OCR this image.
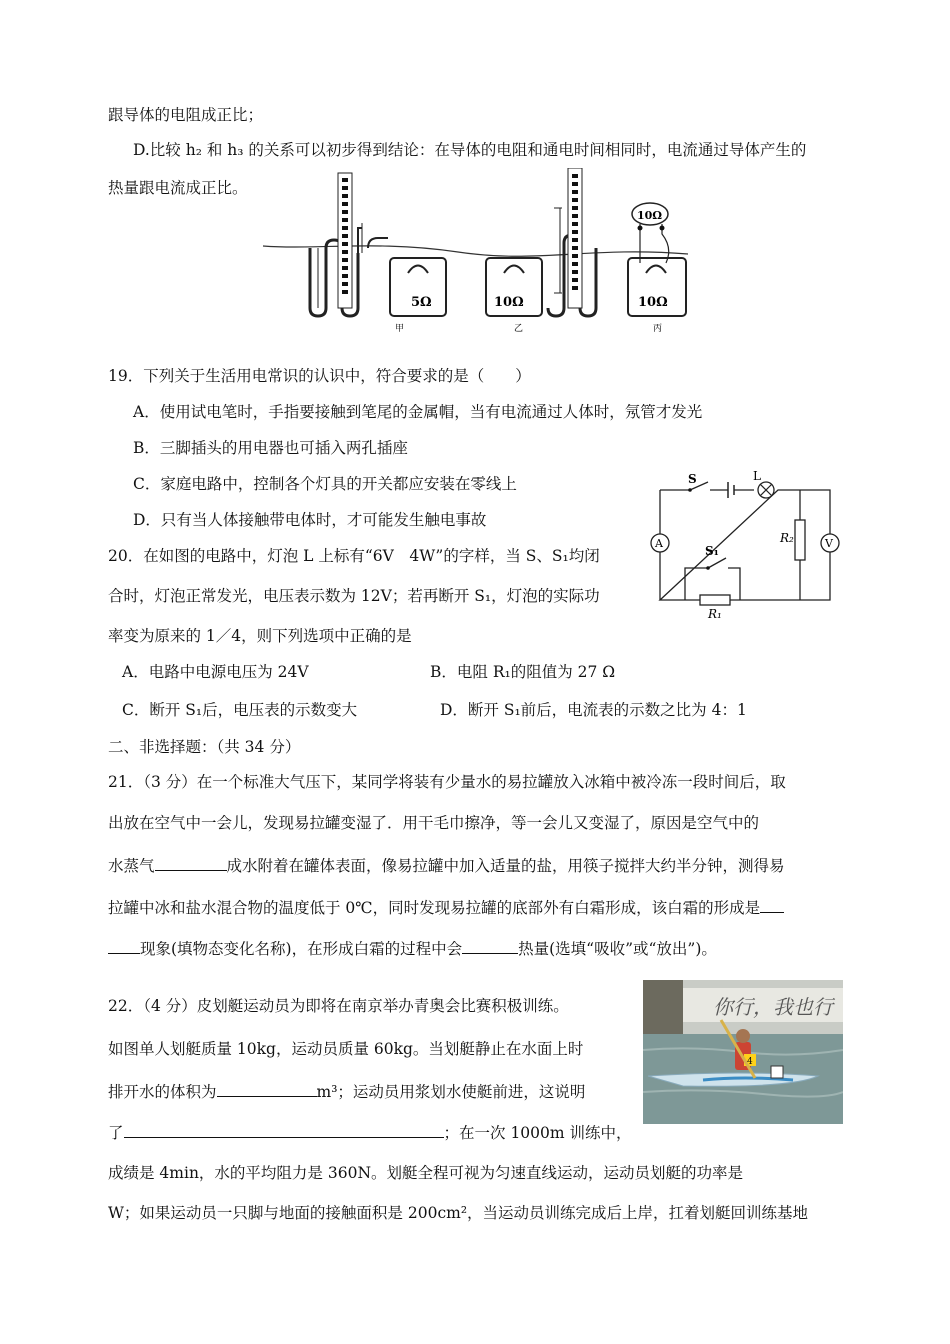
跟导体的电阻成正比；
D.比较 h₂ 和 h₃ 的关系可以初步得到结论：在导体的电阻和通电时间相同时，电流通过导体产生的
热量跟电流成正比。
5Ω
甲
10Ω
乙
10Ω
丙
10Ω
19．下列关于生活用电常识的认识中，符合要求的是（　　）
A．使用试电笔时，手指要接触到笔尾的金属帽，当有电流通过人体时，氖管才发光
B．三脚插头的用电器也可插入两孔插座
C．家庭电路中，控制各个灯具的开关都应安装在零线上
D．只有当人体接触带电体时，才可能发生触电事故
S	L
A	R₂	V
S₁
R₁
20．在如图的电路中，灯泡 L 上标有“6V　4W”的字样，当 S、S₁均闭
合时，灯泡正常发光，电压表示数为 12V；若再断开 S₁，灯泡的实际功
率变为原来的 1／4，则下列选项中正确的是
A．电路中电源电压为 24V	B．电阻 R₁的阻值为 27 Ω
C．断开 S₁后，电压表的示数变大	D．断开 S₁前后，电流表的示数之比为 4：1
二、非选择题：（共 34 分）
21．（3 分）在一个标准大气压下，某同学将装有少量水的易拉罐放入冰箱中被冷冻一段时间后，取
出放在空气中一会儿，发现易拉罐变湿了．用干毛巾擦净，等一会儿又变湿了，原因是空气中的
水蒸气	成水附着在罐体表面，像易拉罐中加入适量的盐，用筷子搅拌大约半分钟，测得易
拉罐中冰和盐水混合物的温度低于 0℃，同时发现易拉罐的底部外有白霜形成，该白霜的形成是
现象(填物态变化名称)，在形成白霜的过程中会	热量(选填“吸收”或“放出”)。
你行，我也行
4
22．（4 分）皮划艇运动员为即将在南京举办青奥会比赛积极训练。
如图单人划艇质量 10kg，运动员质量 60kg。当划艇静止在水面上时
排开水的体积为	m³；运动员用浆划水使艇前进，这说明
了	；在一次 1000m 训练中，
成绩是 4min，水的平均阻力是 360N。划艇全程可视为匀速直线运动，运动员划艇的功率是
W；如果运动员一只脚与地面的接触面积是 200cm²，当运动员训练完成后上岸，扛着划艇回训练基地
